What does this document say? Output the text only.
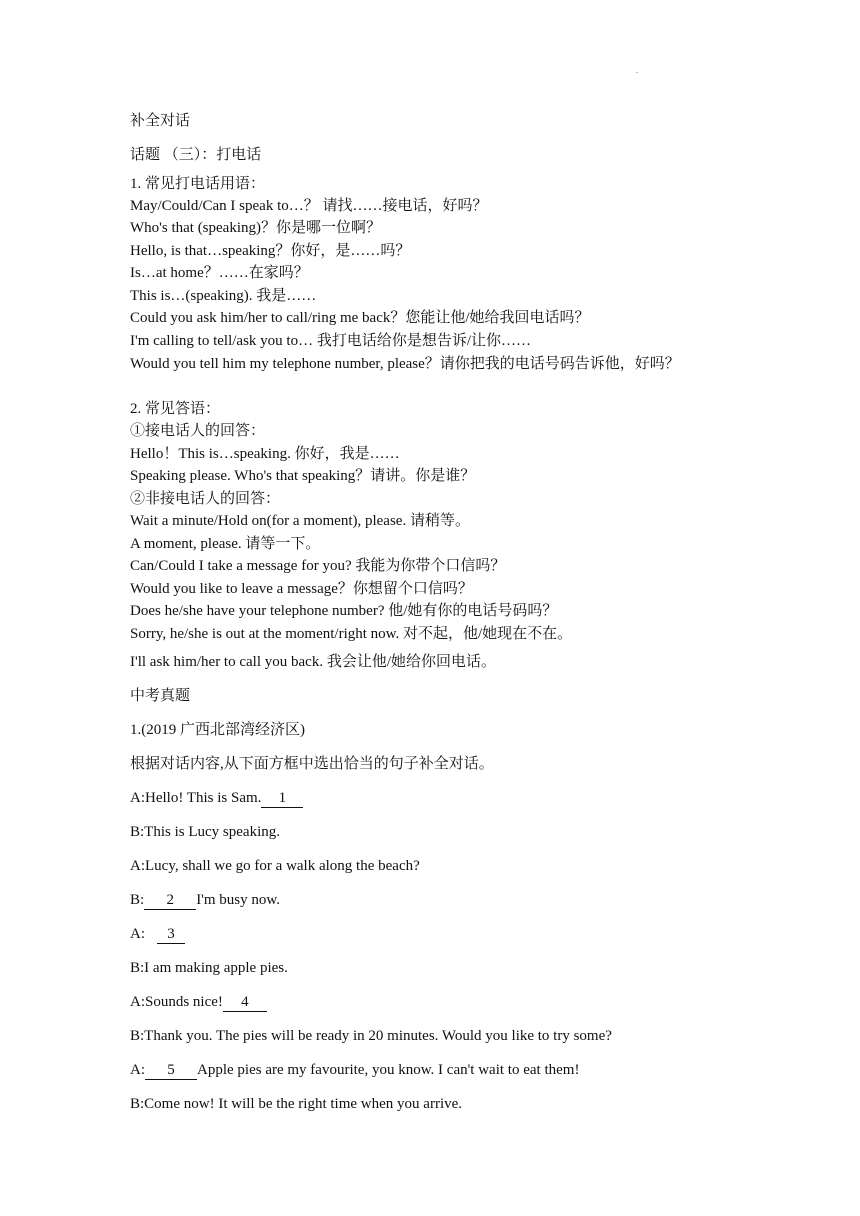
.
补全对话
话题 （三）：打电话
1. 常见打电话用语：
May/Could/Can I speak to…？ 请找……接电话，好吗？
Who's that (speaking)？你是哪一位啊？
Hello, is that…speaking？你好，是……吗？
Is…at home？……在家吗？
This is…(speaking). 我是……
Could you ask him/her to call/ring me back？您能让他/她给我回电话吗？
I'm calling to tell/ask you to… 我打电话给你是想告诉/让你……
Would you tell him my telephone number, please？请你把我的电话号码告诉他，好吗？
2. 常见答语：
①接电话人的回答：
Hello！This is…speaking. 你好，我是……
Speaking please. Who's that speaking？请讲。你是谁？
②非接电话人的回答：
Wait a minute/Hold on(for a moment), please. 请稍等。
A moment, please. 请等一下。
Can/Could I take a message for you? 我能为你带个口信吗？
Would you like to leave a message？你想留个口信吗？
Does he/she have your telephone number? 他/她有你的电话号码吗？
Sorry, he/she is out at the moment/right now. 对不起，他/她现在不在。
I'll ask him/her to call you back. 我会让他/她给你回电话。
中考真题
1.(2019 广西北部湾经济区)
根据对话内容,从下面方框中选出恰当的句子补全对话。
A:Hello! This is Sam. 1
B:This is Lucy speaking.
A:Lucy, shall we go for a walk along the beach?
B: 2 I'm busy now.
A: 3
B:I am making apple pies.
A:Sounds nice! 4
B:Thank you. The pies will be ready in 20 minutes. Would you like to try some?
A: 5 Apple pies are my favourite, you know. I can't wait to eat them!
B:Come now! It will be the right time when you arrive.
